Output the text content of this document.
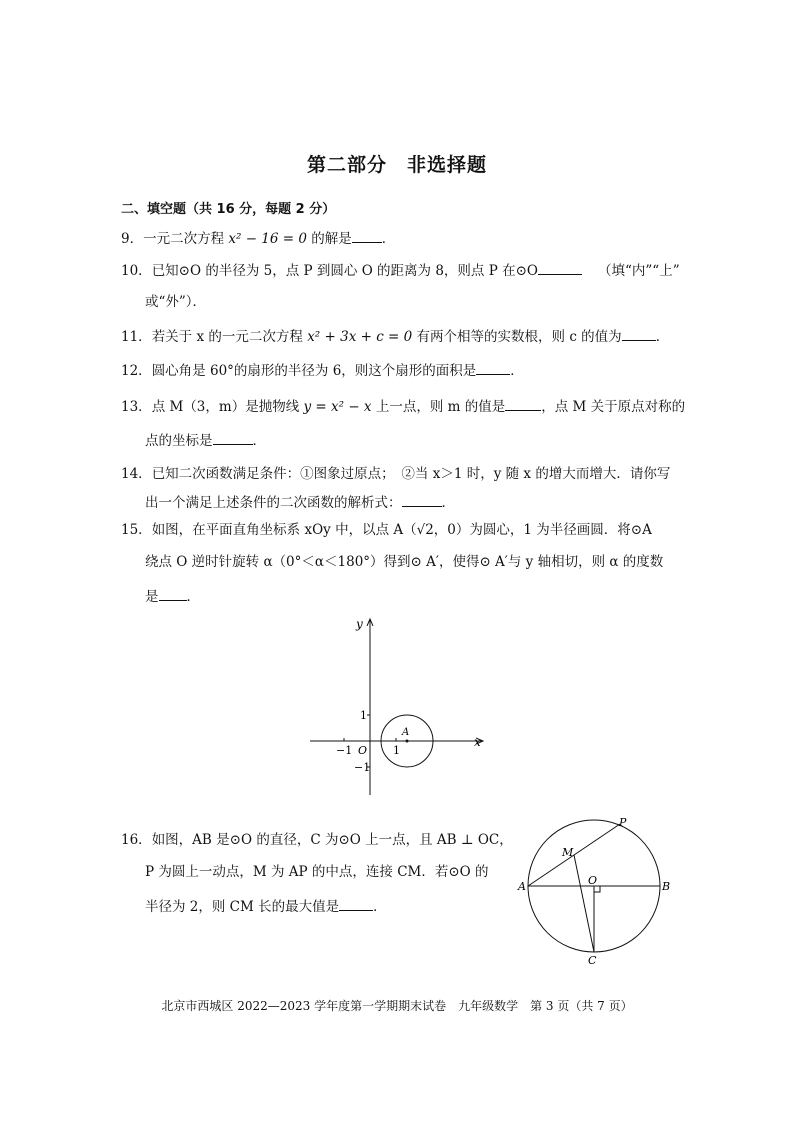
第二部分　非选择题
二、填空题（共 16 分，每题 2 分）
9．一元二次方程 x² − 16 = 0 的解是 ．
10．已知⊙O 的半径为 5，点 P 到圆心 O 的距离为 8，则点 P 在⊙O	（填“内”“上”
或“外”）．
11．若关于 x 的一元二次方程 x² + 3x + c = 0 有两个相等的实数根，则 c 的值为	．
12．圆心角是 60°的扇形的半径为 6，则这个扇形的面积是	．
13．点 M（3，m）是抛物线 y = x² − x 上一点，则 m 的值是	，点 M 关于原点对称的
点的坐标是	．
14．已知二次函数满足条件：①图象过原点；　②当 x＞1 时，y 随 x 的增大而增大．请你写
出一个满足上述条件的二次函数的解析式：	．
15．如图，在平面直角坐标系 xOy 中，以点 A（√2，0）为圆心，1 为半径画圆．将⊙A
绕点 O 逆时针旋转 α（0°＜α＜180°）得到⊙ A′，使得⊙ A′与 y 轴相切，则 α 的度数
是 ．
y
x
O
A
−1	1
1
−1
16．如图，AB 是⊙O 的直径，C 为⊙O 上一点，且 AB ⊥ OC，
P 为圆上一动点，M 为 AP 的中点，连接 CM．若⊙O 的
半径为 2，则 CM 长的最大值是	．
P
M
O
A	B
C
北京市西城区 2022—2023 学年度第一学期期末试卷　九年级数学　第 3 页（共 7 页）
